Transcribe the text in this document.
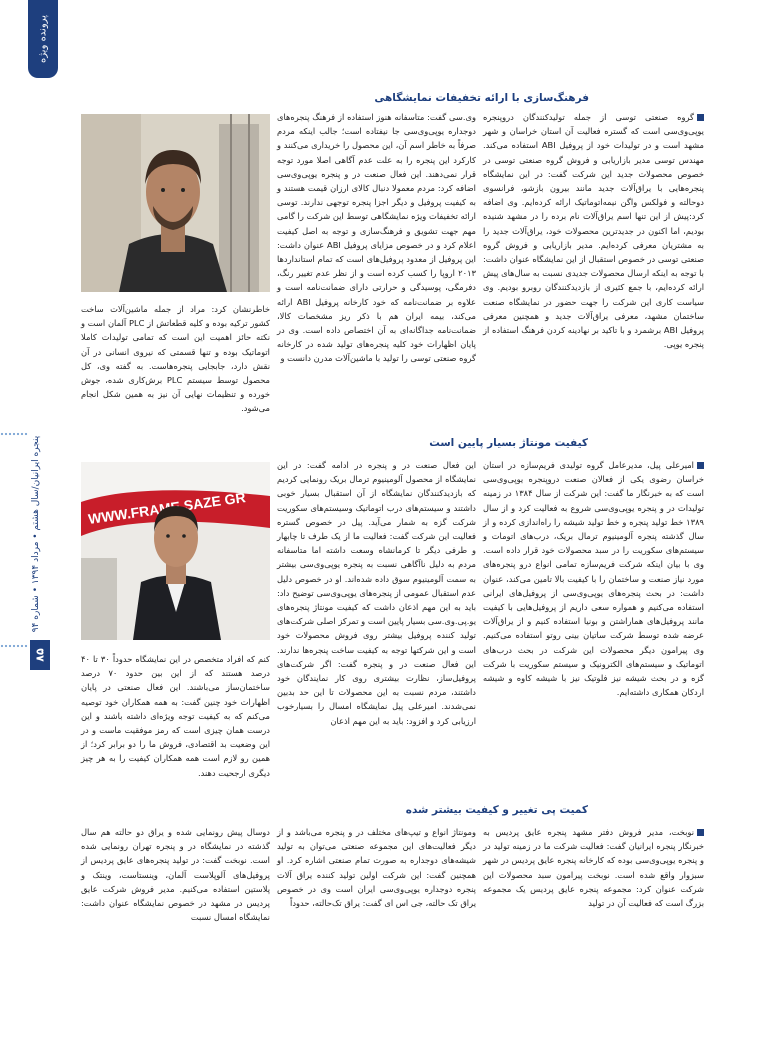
پرونده ویژه
پنجره ایرانیان/سال هشتم • مرداد ۱۳۹۴ • شماره ۹۴
۸۵
فرهنگ‌سازی با ارائه تخفیفات نمایشگاهی

گروه صنعتی توسی از جمله تولیدکنندگان درو‌پنجره یوپی‌وی‌سی است که گستره فعالیت آن استان خراسان و شهر مشهد است و در تولیدات خود از پروفیل ABI استفاده می‌کند. مهندس توسی مدیر بازاریابی و فروش گروه صنعتی توسی در خصوص محصولات جدید این شرکت گفت: در این نمایشگاه پنجره‌هایی با یراق‌آلات جدید مانند بیرون بازشو، فرانسوی دوحالته و فولکس واگن نیمه‌اتوماتیک ارائه کرده‌ایم. وی اضافه کرد:پیش از این تنها اسم یراق‌آلات نام برده را در مشهد شنیده بودیم، اما اکنون در جدیدترین محصولات خود، یراق‌آلات جدید را به مشتریان معرفی کرده‌ایم. مدیر بازاریابی و فروش گروه صنعتی توسی در خصوص استقبال از این نمایشگاه عنوان داشت: با توجه به اینکه ارسال محصولات جدیدی نسبت به سال‌های پیش ارائه کرده‌ایم، با جمع کثیری از بازدیدکنندگان روبرو بودیم. وی سیاست کاری این شرکت را جهت حضور در نمایشگاه صنعت ساختمان مشهد، معرفی یراق‌آلات جدید و همچنین معرفی پروفیل ABI برشمرد و با تاکید بر نهادینه کردن فرهنگ استفاده از پنجره یوپی.

وی.سی گفت: متاسفانه هنوز استفاده از فرهنگ پنجره‌های دوجداره یوپی‌وی‌سی جا نیفتاده است؛ جالب اینکه مردم صرفاً به خاطر اسم آن، این محصول را خریداری می‌کنند و کارکرد این پنجره را به علت عدم آگاهی اصلا مورد توجه قرار نمی‌دهند. این فعال صنعت در و پنجره یوپی‌وی‌سی اضافه کرد: مردم معمولا دنبال کالای ارزان قیمت هستند و به کیفیت پروفیل و دیگر اجزا پنجره توجهی ندارند. توسی ارائه تخفیفات ویژه نمایشگاهی توسط این شرکت را گامی مهم جهت تشویق و فرهنگ‌سازی و توجه به اصل کیفیت اعلام کرد و در خصوص مزایای پروفیل ABI عنوان داشت: این پروفیل از معدود پروفیل‌های است که تمام استانداردها ۲۰۱۳ اروپا را کسب کرده است و از نظر عدم تغییر رنگ، دفرمگی، پوسیدگی و حرارتی دارای ضمانت‌نامه است و علاوه بر ضمانت‌نامه که خود کارخانه پروفیل ABI ارائه می‌کند، بیمه ایران هم با ذکر ریز مشخصات کالا، ضمانت‌نامه جداگانه‌ای به آن اختصاص داده است. وی در پایان اظهارات خود کلیه پنجره‌های تولید شده در کارخانه گروه صنعتی توسی را تولید با ماشین‌آلات مدرن دانست و

خاطرنشان کرد: مراد از جمله ماشین‌آلات ساخت کشور ترکیه بوده و کلیه قطعاتش از PLC آلمان است و نکته حائز اهمیت این است که تمامی تولیدات کاملا اتوماتیک بوده و تنها قسمتی که نیروی انسانی در آن نقش دارد، جابجایی پنجره‌هاست. به گفته وی، کل محصول توسط سیستم PLC برش‌کاری شده، جوش خورده و تنظیمات نهایی آن نیز به همین شکل انجام می‌شود.

کیفیت مونتاژ بسیار پایین است

امیرعلی پیل، مدیرعامل گروه تولیدی فریم‌سازه در استان خراسان رضوی یکی از فعالان صنعت درو‌پنجره یوپی‌وی‌سی است که به خبرنگار ما گفت: این شرکت از سال ۱۳۸۴ در زمینه تولیدات در و پنجره یوپی‌وی‌سی شروع به فعالیت کرد و از سال ۱۳۸۹ خط تولید پنجره و خط تولید شیشه را راه‌اندازی کرده و از سال گذشته پنجره آلومینیوم ترمال بریک، درب‌های اتومات و سیستم‌های سکوریت را در سبد محصولات خود قرار داده است. وی با بیان اینکه شرکت فریم‌سازه تمامی انواع درو پنجره‌های مورد نیاز صنعت و ساختمان را با کیفیت بالا تامین می‌کند، عنوان داشت: در بحث پنجره‌های یوپی‌وی‌سی از پروفیل‌های ایرانی استفاده می‌کنیم و همواره سعی داریم از پروفیل‌هایی با کیفیت مانند پروفیل‌های هماراشتن و بونیا استفاده کنیم و از یراق‌آلات عرضه شده توسط شرکت ساتیان بینی روتو استفاده می‌کنیم. وی پیرامون دیگر محصولات این شرکت در بحث درب‌های اتوماتیک و سیستم‌های الکترونیک و سیستم سکوریت با شرکت گزه و در بحث شیشه نیز فلوتیک نیز با شیشه کاوه و شیشه اردکان همکاری داشته‌ایم.

این فعال صنعت در و پنجره در ادامه گفت: در این نمایشگاه از محصول آلومینیوم ترمال بریک رونمایی کردیم که بازدیدکنندگان نمایشگاه از آن استقبال بسیار خوبی داشتند و سیستم‌های درب اتوماتیک وسیستم‌های سکوریت شرکت گزه به شمار می‌آید. پیل در خصوص گستره فعالیت این شرکت گفت: فعالیت ما از یک طرف تا چابهار و طرفی دیگر تا کرمانشاه وسعت داشته اما متاسفانه مردم به دلیل ناآگاهی نسبت به پنجره یوپی‌وی‌سی بیشتر به سمت آلومینیوم سوق داده شده‌اند. او در خصوص دلیل عدم استقبال عمومی از پنجره‌های یوپی‌وی‌سی توضیح داد: باید به این مهم اذعان داشت که کیفیت مونتاژ پنجره‌های یو.پی.وی.سی بسیار پایین است و تمرکز اصلی شرکت‌های تولید کننده پروفیل بیشتر روی فروش محصولات خود است و این شرکتها توجه به کیفیت ساخت پنجره‌ها ندارند. این فعال صنعت در و پنجره گفت: اگر شرکت‌های پروفیل‌ساز، نظارت بیشتری روی کار نمایندگان خود داشتند، مردم نسبت به این محصولات تا این حد بدبین نمی‌شدند. امیرعلی پیل نمایشگاه امسال را بسیارخوب ارزیابی کرد و افزود: باید به این مهم اذعان

WWW.FRAME SAZE GR

کنم که افراد متخصص در این نمایشگاه حدوداً ۳۰ تا ۴۰ درصد هستند که از این بین حدود ۷۰ درصد ساختمان‌ساز می‌باشند. این فعال صنعتی در پایان اظهارات خود چنین گفت: به همه همکاران خود توصیه می‌کنم که به کیفیت توجه ویژه‌ای داشته باشند و این درست همان چیزی است که رمز موفقیت ماست و در این وضعیت بد اقتصادی، فروش ما را دو برابر کرد؛ از همین رو لازم است همه همکاران کیفیت را به هر چیز دیگری ارجحیت دهند.

کمیت پی تغییر و کیفیت بیشتر شده

نوبخت، مدیر فروش دفتر مشهد پنجره عایق پردیس به خبرنگار پنجره ایرانیان گفت: فعالیت شرکت ما در زمینه تولید در و پنجره یوپی‌وی‌سی بوده که کارخانه پنجره عایق پردیس در شهر سبزوار واقع شده است. نوبخت پیرامون سبد محصولات این شرکت عنوان کرد: مجموعه پنجره عایق پردیس یک مجموعه بزرگ است که فعالیت آن در تولید

ومونتاژ انواع و تیپ‌های مختلف در و پنجره می‌باشد و از دیگر فعالیت‌های این مجموعه صنعتی می‌توان به تولید شیشه‌های دوجداره به صورت تمام صنعتی اشاره کرد. او همچنین گفت: این شرکت اولین تولید کننده یراق آلات پنجره دوجداره یوپی‌وی‌سی ایران است وی در خصوص یراق تک حالته، جی اس ای گفت: یراق تک‌حالته، حدوداً

دوسال پیش رونمایی شده و یراق دو حالته هم سال گذشته در نمایشگاه در و پنجره تهران رونمایی شده است. نوبخت گفت: در تولید پنجره‌های عایق پردیس از پروفیل‌های آلوپلاست آلمان، وینستاست، وینتک و پلاستین استفاده می‌کنیم. مدیر فروش شرکت عایق پردیس در مشهد در خصوص نمایشگاه عنوان داشت: نمایشگاه امسال نسبت
